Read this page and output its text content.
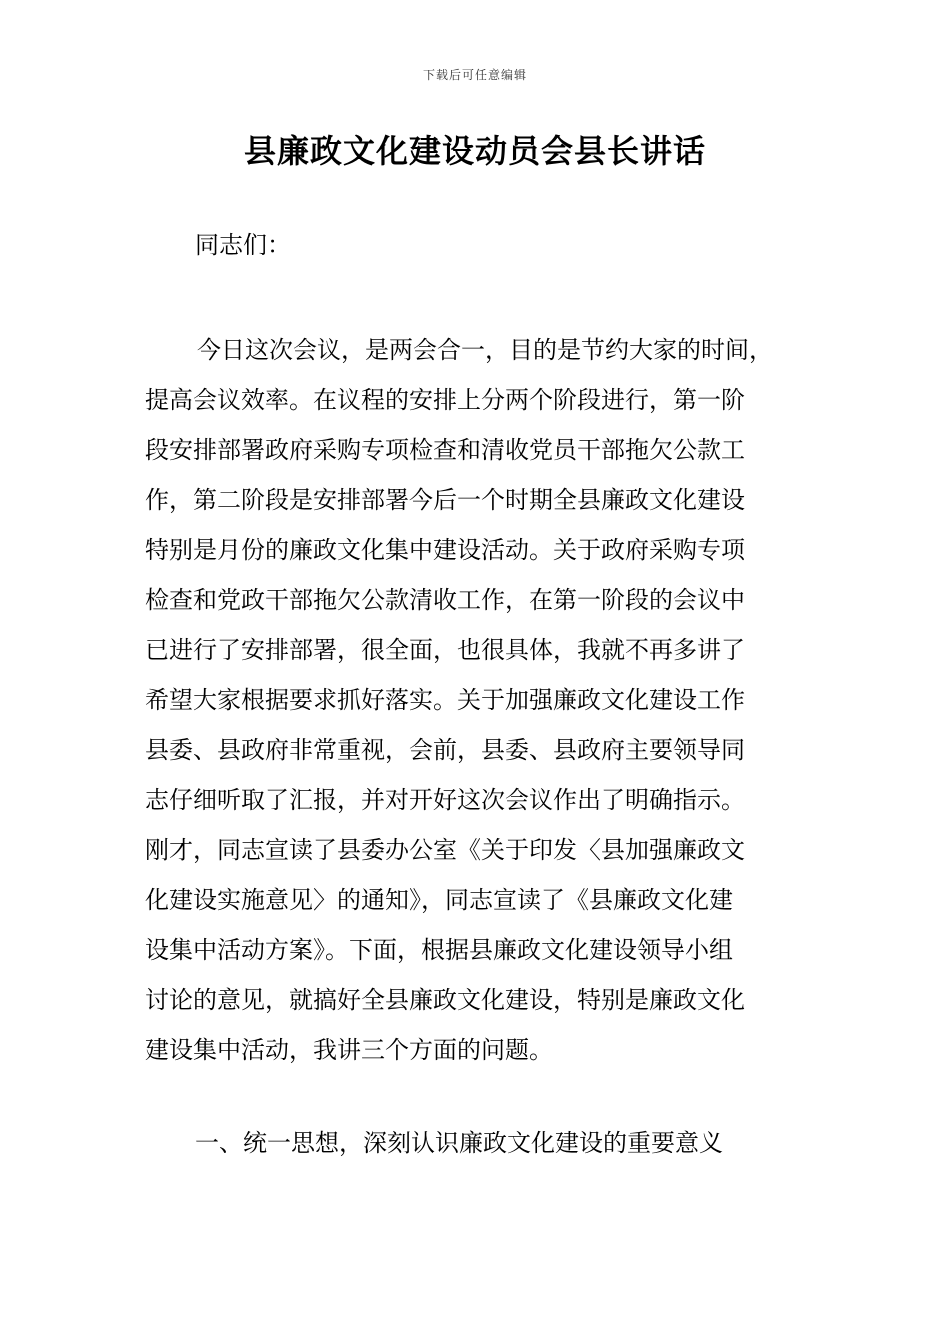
下载后可任意编辑
县廉政文化建设动员会县长讲话

同志们：

今日这次会议，是两会合一，目的是节约大家的时间，
提高会议效率。在议程的安排上分两个阶段进行，第一阶
段安排部署政府采购专项检查和清收党员干部拖欠公款工
作，第二阶段是安排部署今后一个时期全县廉政文化建设
特别是月份的廉政文化集中建设活动。关于政府采购专项
检查和党政干部拖欠公款清收工作，在第一阶段的会议中
已进行了安排部署，很全面，也很具体，我就不再多讲了
希望大家根据要求抓好落实。关于加强廉政文化建设工作
县委、县政府非常重视，会前，县委、县政府主要领导同
志仔细听取了汇报，并对开好这次会议作出了明确指示。
刚才，同志宣读了县委办公室《关于印发〈县加强廉政文
化建设实施意见〉的通知》，同志宣读了《县廉政文化建
设集中活动方案》。下面，根据县廉政文化建设领导小组
讨论的意见，就搞好全县廉政文化建设，特别是廉政文化
建设集中活动，我讲三个方面的问题。

一、统一思想，深刻认识廉政文化建设的重要意义
